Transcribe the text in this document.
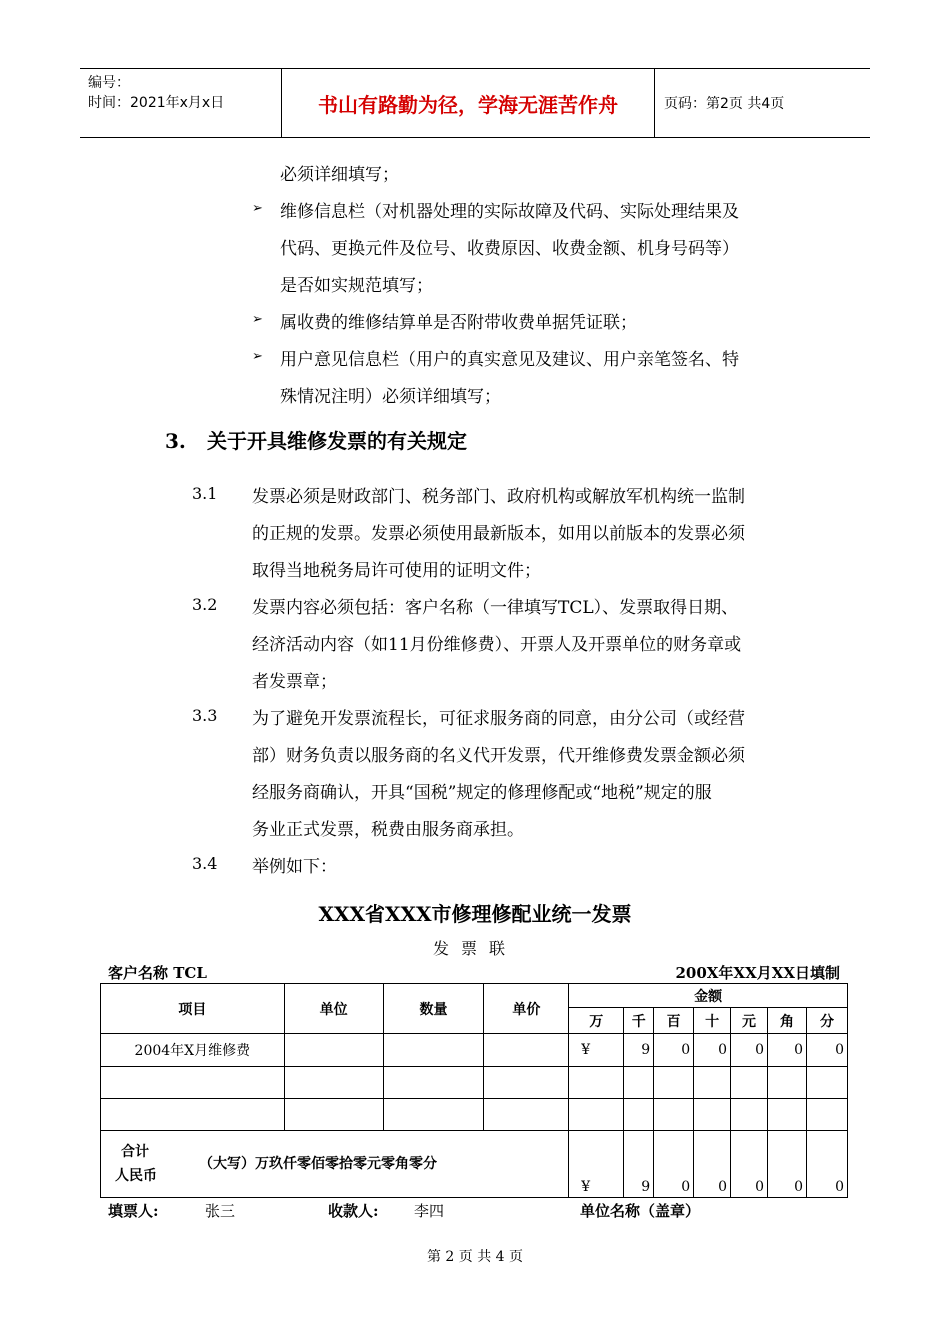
编号：
时间：2021年x月x日	书山有路勤为径，学海无涯苦作舟	页码：第2页 共4页
必须详细填写；
➢ 维修信息栏（对机器处理的实际故障及代码、实际处理结果及
代码、更换元件及位号、收费原因、收费金额、机身号码等）
是否如实规范填写；
➢ 属收费的维修结算单是否附带收费单据凭证联；
➢ 用户意见信息栏（用户的真实意见及建议、用户亲笔签名、特
殊情况注明）必须详细填写；
3. 关于开具维修发票的有关规定
3.1 发票必须是财政部门、税务部门、政府机构或解放军机构统一监制
的正规的发票。发票必须使用最新版本，如用以前版本的发票必须
取得当地税务局许可使用的证明文件；
3.2 发票内容必须包括：客户名称（一律填写TCL）、发票取得日期、
经济活动内容（如11月份维修费）、开票人及开票单位的财务章或
者发票章；
3.3 为了避免开发票流程长，可征求服务商的同意，由分公司（或经营
部）财务负责以服务商的名义代开发票，代开维修费发票金额必须
经服务商确认，开具“国税”规定的修理修配或“地税”规定的服
务业正式发票，税费由服务商承担。
3.4 举例如下：
XXX省XXX市修理修配业统一发票
发票联
客户名称 TCL	200X年XX月XX日填制
项目	单位	数量	单价	金额						
				万	千	百	十	元	角	分
2004年X月维修费				¥	9	0	0	0	0	0

合计
人民币
（大写）万玖仟零佰零拾零元零角零分				¥	9	0	0	0	0	0
填票人:	张三	收款人: 李四	单位名称（盖章）
第 2 页 共 4 页
